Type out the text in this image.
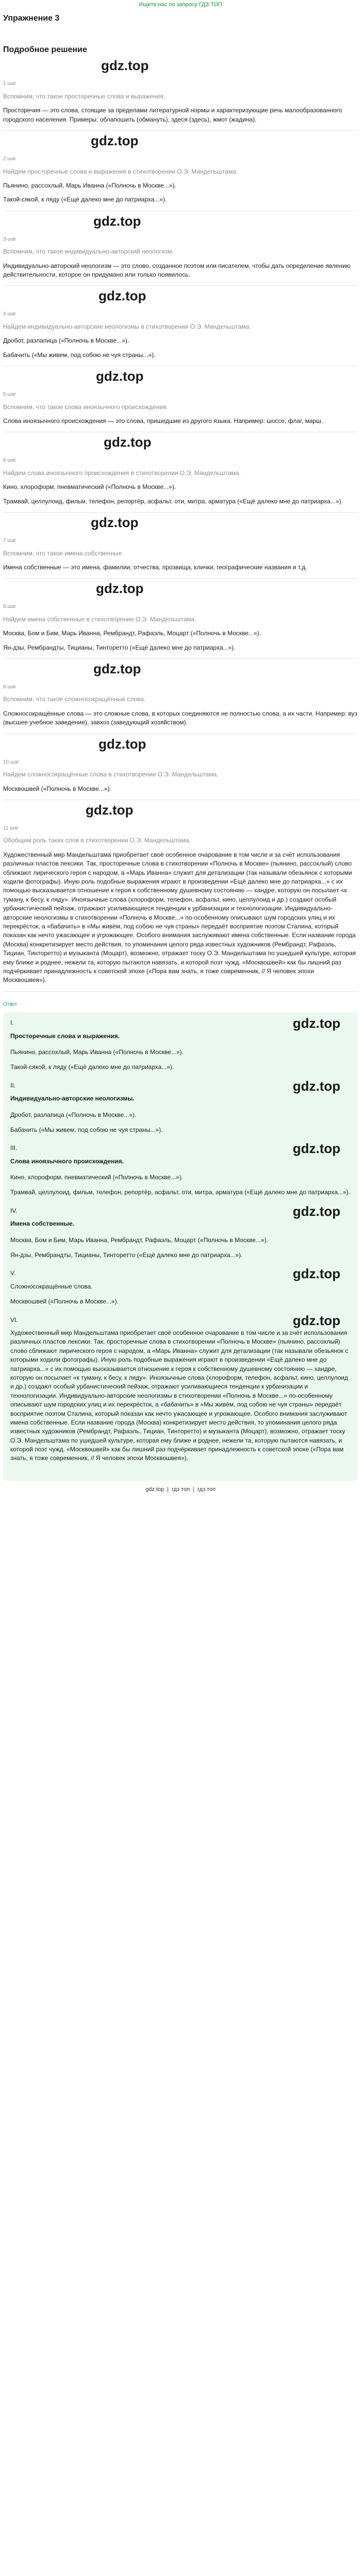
Ищите нас по запросу ГДЗ ТОП
Упражнение 3
Подробное решение
gdz.top
1 шаг
Вспомним, что такое просторечные слова и выражения.

Просторечия — это слова, стоящие за пределами литературной нормы и характеризующие речь малообразованного городского населения. Примеры: облапошить (обмануть), здеся (здесь), жмот (жадина).

gdz.top
2 шаг
Найдем просторечные слова и выражения в стихотворении О.Э. Мандельштама.

Пьянино, рассохлый, Марь Иванна («Полночь в Москве...»).

Такой-сякой, к ляду («Ещё далеко мне до патриарха...»).

gdz.top
3 шаг
Вспомним, что такое индивидуально-авторский неологизм.

Индивидуально-авторский неологизм — это слово, созданное поэтом или писателем, чтобы дать определение явлению действительности, которое он придумано или только появилось.

gdz.top
4 шаг
Найдем индивидуально-авторские неологизмы в стихотворении О.Э. Мандельштама.

Дробот, разлапица («Полночь в Москве...»).

Бабачить («Мы живем, под собою не чуя страны...»).

gdz.top
5 шаг
Вспомним, что такое слова иноязычного происхождения.

Слова иноязычного происхождения — это слова, пришедшие из другого языка. Например: шоссе, флаг, марш.

gdz.top
6 шаг
Найдем слова иноязычного происхождения в стихотворении О.Э. Мандельштама.

Кино, хлороформ, пневматический («Полночь в Москве...»).

Трамвай, целлулоид, фильм, телефон, репортёр, асфальт, оти, митра, арматура («Ещё далеко мне до патриарха...»).

gdz.top
7 шаг
Вспомним, что такое имена собственные.

Имена собственные — это имена, фамилии, отчества, прозвища, клички, географические названия и т.д.

gdz.top
8 шаг
Найдем имена собственные в стихотворении О.Э. Мандельштама.

Москва, Бом и Бим, Марь Иванна, Рембрандт, Рафаэль, Моцарт («Полночь в Москве...»).

Ян-дзы, Рембрандты, Тицианы, Тинторетто («Ещё далеко мне до патриарха...»).

gdz.top
9 шаг
Вспомним, что такое сложносокращённые слова.

Сложносокращённые слова — это сложные слова, в которых соединяются не полностью слова, а их части. Например: вуз (высшее учебное заведение), завхоз (заведующий хозяйством).

gdz.top
10 шаг
Найдем сложносокращённые слова в стихотворении О.Э. Мандельштама.

Москвошвей («Полночь в Москве...»).

gdz.top
11 шаг
Обобщим роль таких слов в стихотворении О.Э. Мандельштама.

Художественный мир Мандельштама приобретает своё особенное очарование в том числе и за счёт использования различных пластов лексики. Так, просторечные слова в стихотворении «Полночь в Москве» (пьянино, рассохлый) слово сближают лирического героя с народом, а «Марь Иванна» служит для детализации (так называли обезьянок с которыми ходили фотографы). Иную роль подобные выражения играют в произведении «Ещё далеко мне до патриарха...» с их помощью высказывается отношение к героя к собственному душевному состоянию — хандре, которую он посылает «к туману, к бесу, к ляду». Иноязычные слова (хлороформ, телефон, асфальт, кино, целлулоид и др.) создают особый урбанистический пейзаж, отражают усиливающиеся тенденции к урбанизации и технологизации. Индивидуально-авторские неологизмы в стихотворении «Полночь в Москве...» по-особенному описывают шум городских улиц и их перекрёсток, а «бабачить» в «Мы живём, под собою не чуя страны» передаёт восприятие поэтом Сталина, который показан как нечто ужасающее и угрожающее. Особого внимания заслуживают имена собственные. Если название города (Москва) конкретизирует место действия, то упоминания целого ряда известных художников (Рембрандт, Рафаэль, Тициан, Тинторетто) и музыканта (Моцарт), возможно, отражает тоску О.Э. Мандельштама по ушедшей культуре, которая ему ближе и роднее, нежели та, которую пытаются навязать, и которой поэт чужд. «Москвошвей» как бы лишний раз подчёркивает принадлежность к советской эпохе («Пора вам знать, я тоже современник, // Я человек эпохи Москвошвея»).

Ответ
gdz.top
I.
Просторечные слова и выражения.

Пьянино, рассохлый, Марь Иванна («Полночь в Москве...»).

Такой-сякой, к ляду («Ещё далеко мне до патриарха...»).

gdz.top
II.
Индивидуально-авторские неологизмы.

Дробот, разлапица («Полночь в Москве...»).

Бабачить («Мы живем, под собою не чуя страны...»).

gdz.top
III.
Слова иноязычного происхождения.

Кино, хлороформ, пневматический («Полночь в Москве...»).

Трамвай, целлулоид, фильм, телефон, репортёр, асфальт, оти, митра, арматура («Ещё далеко мне до патриарха...»).

gdz.top
IV.
Имена собственные.

Москва, Бом и Бим, Марь Иванна, Рембрандт, Рафаэль, Моцарт («Полночь в Москве...»).

Ян-дзы, Рембрандты, Тицианы, Тинторетто («Ещё далеко мне до патриарха...»).

gdz.top
V.

Сложносокращённые слова.

Москвошвей («Полночь в Москве...»).

gdz.top
VI.

Художественный мир Мандельштама приобретает своё особенное очарование в том числе и за счёт использования различных пластов лексики. Так, просторечные слова в стихотворении «Полночь в Москве» (пьянино, рассохлый) слово сближают лирического героя с народом, а «Марь Иванна» служит для детализации (так называли обезьянок с которыми ходили фотографы). Иную роль подобные выражения играют в произведении «Ещё далеко мне до патриарха...» с их помощью высказывается отношение к героя к собственному душевному состоянию — хандре, которую он посылает «к туману, к бесу, к ляду». Иноязычные слова (хлороформ, телефон, асфальт, кино, целлулоид и др.) создают особый урбанистический пейзаж, отражают усиливающиеся тенденции к урбанизации и технологизации. Индивидуально-авторские неологизмы в стихотворении «Полночь в Москве...» по-особенному описывают шум городских улиц и их перекрёсток, а «бабачить» в «Мы живём, под собою не чуя страны» передаёт восприятие поэтом Сталина, который показан как нечто ужасающее и угрожающее. Особого внимания заслуживают имена собственные. Если название города (Москва) конкретизирует место действия, то упоминания целого ряда известных художников (Рембрандт, Рафаэль, Тициан, Тинторетто) и музыканта (Моцарт), возможно, отражает тоску О.Э. Мандельштама по ушедшей культуре, которая ему ближе и роднее, нежели та, которую пытаются навязать, и которой поэт чужд. «Москвошвей» как бы лишний раз подчёркивает принадлежность к советской эпохе («Пора вам знать, я тоже современник, // Я человек эпохи Москвошвея»).

gdz.top | гдз топ | гдз.топ
